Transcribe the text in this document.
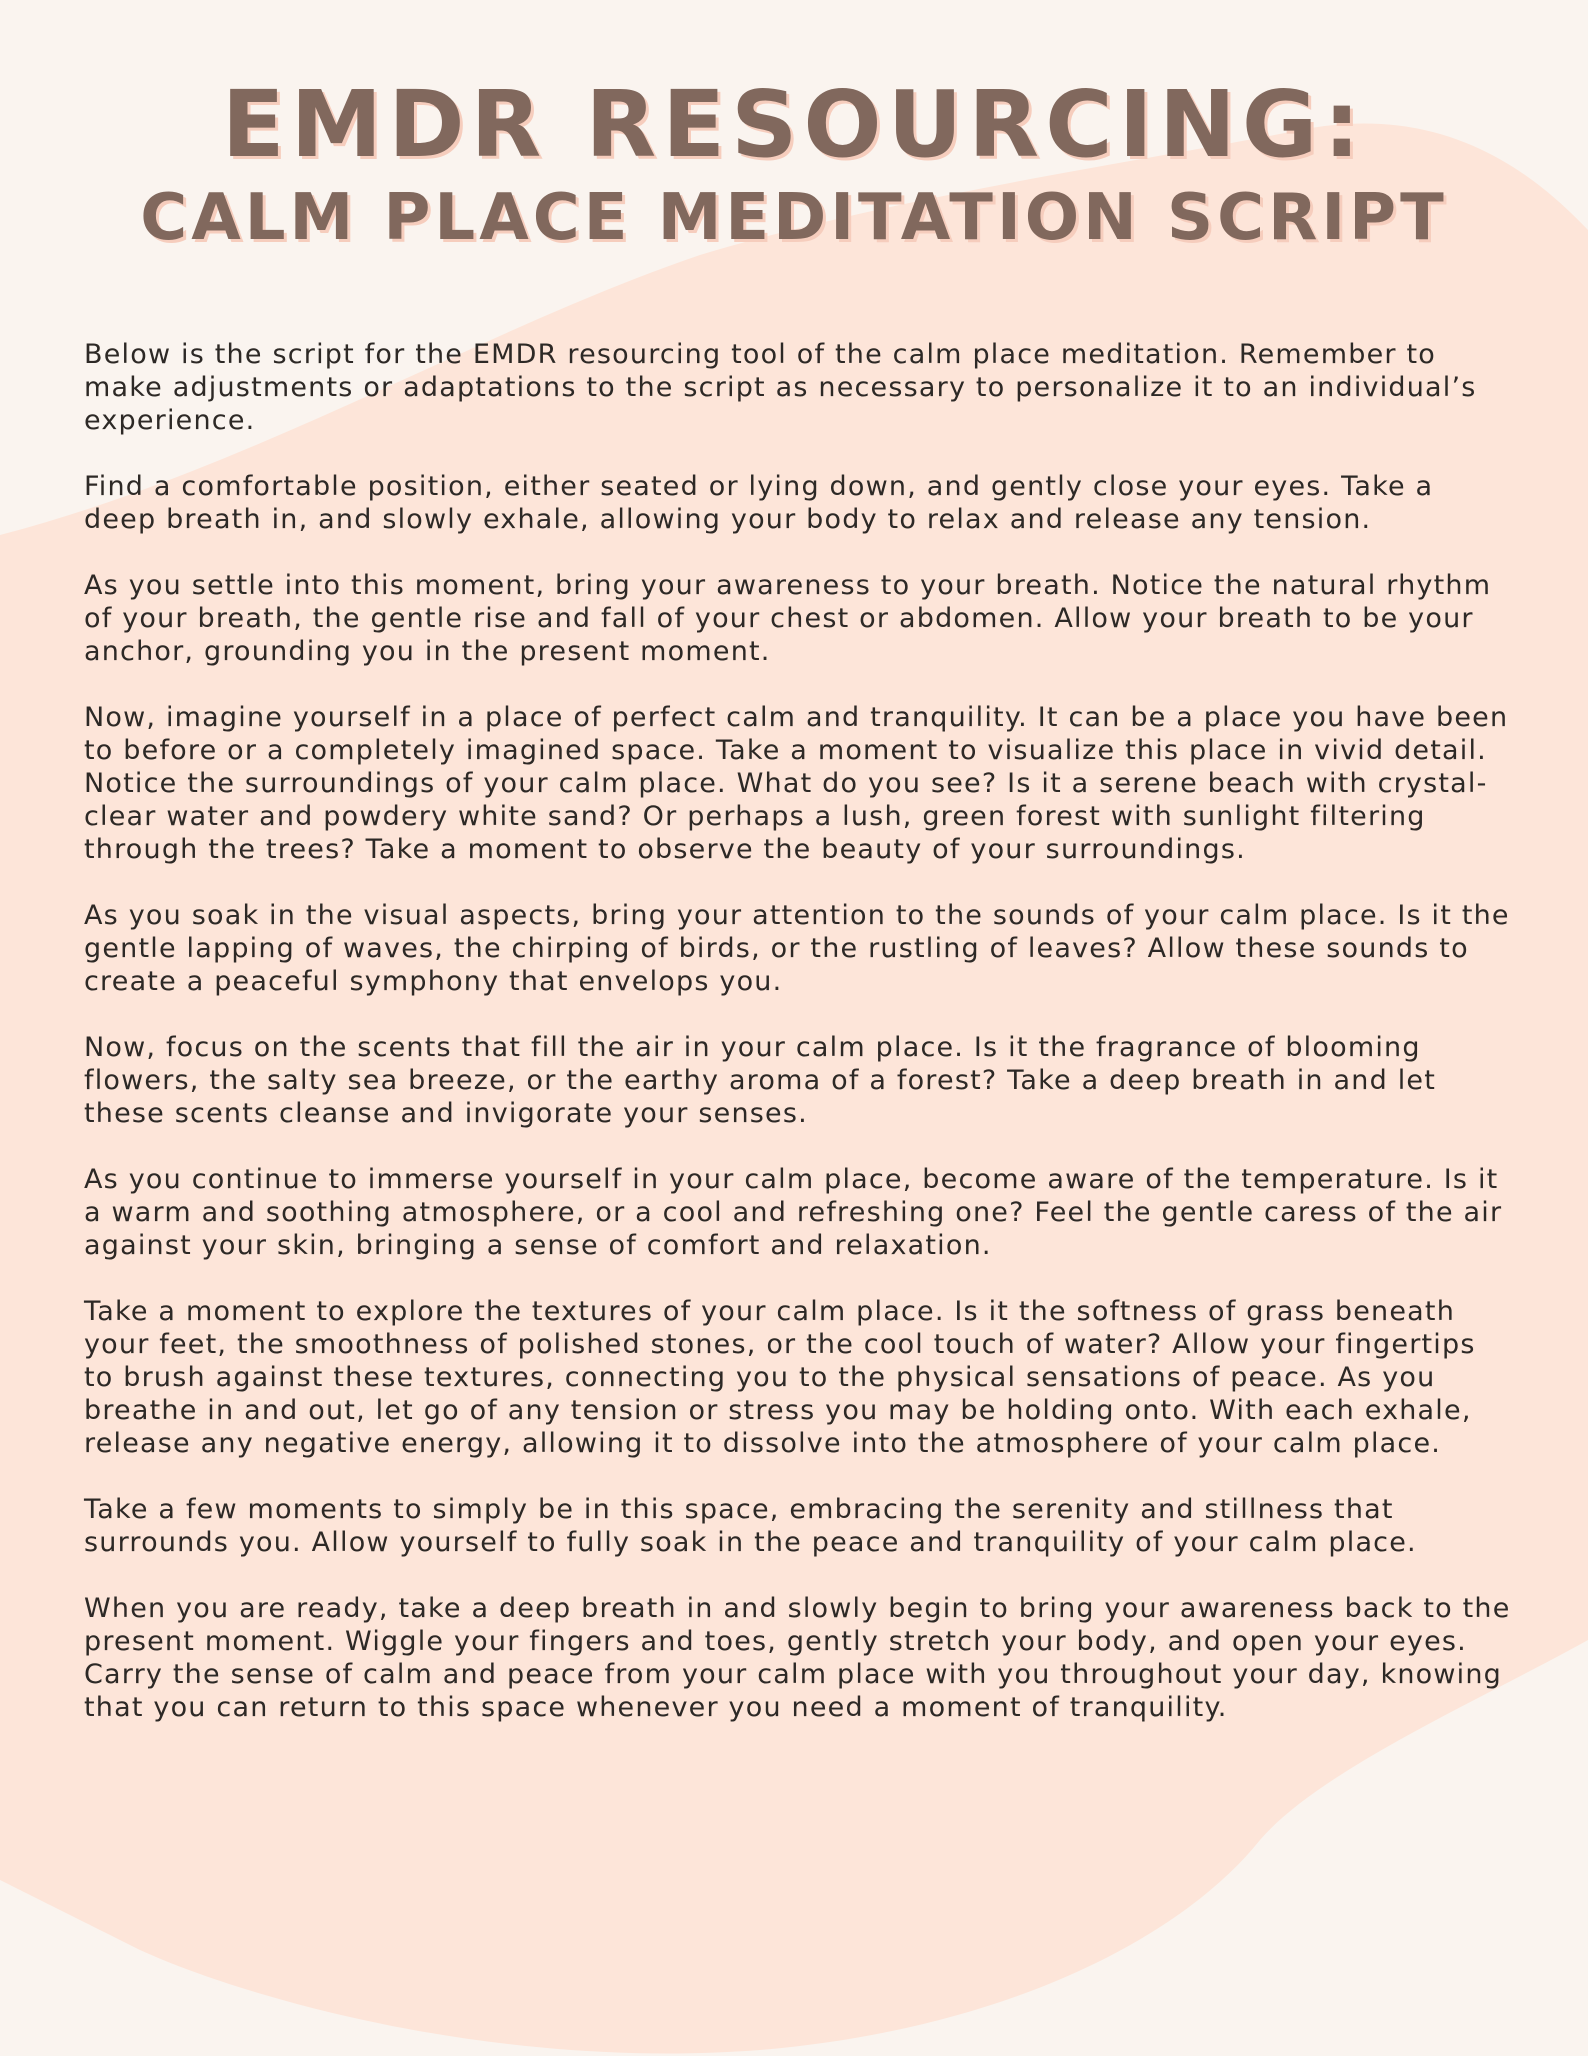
EMDR RESOURCING:
CALM PLACE MEDITATION SCRIPT

Below is the script for the EMDR resourcing tool of the calm place meditation. Remember to make adjustments or adaptations to the script as necessary to personalize it to an individual’s experience.

Find a comfortable position, either seated or lying down, and gently close your eyes. Take a deep breath in, and slowly exhale, allowing your body to relax and release any tension.

As you settle into this moment, bring your awareness to your breath. Notice the natural rhythm of your breath, the gentle rise and fall of your chest or abdomen. Allow your breath to be your anchor, grounding you in the present moment.

Now, imagine yourself in a place of perfect calm and tranquility. It can be a place you have been to before or a completely imagined space. Take a moment to visualize this place in vivid detail. Notice the surroundings of your calm place. What do you see? Is it a serene beach with crystal-clear water and powdery white sand? Or perhaps a lush, green forest with sunlight filtering through the trees? Take a moment to observe the beauty of your surroundings.

As you soak in the visual aspects, bring your attention to the sounds of your calm place. Is it the gentle lapping of waves, the chirping of birds, or the rustling of leaves? Allow these sounds to create a peaceful symphony that envelops you.

Now, focus on the scents that fill the air in your calm place. Is it the fragrance of blooming flowers, the salty sea breeze, or the earthy aroma of a forest? Take a deep breath in and let these scents cleanse and invigorate your senses.

As you continue to immerse yourself in your calm place, become aware of the temperature. Is it a warm and soothing atmosphere, or a cool and refreshing one? Feel the gentle caress of the air against your skin, bringing a sense of comfort and relaxation.

Take a moment to explore the textures of your calm place. Is it the softness of grass beneath your feet, the smoothness of polished stones, or the cool touch of water? Allow your fingertips to brush against these textures, connecting you to the physical sensations of peace. As you breathe in and out, let go of any tension or stress you may be holding onto. With each exhale, release any negative energy, allowing it to dissolve into the atmosphere of your calm place.

Take a few moments to simply be in this space, embracing the serenity and stillness that surrounds you. Allow yourself to fully soak in the peace and tranquility of your calm place.

When you are ready, take a deep breath in and slowly begin to bring your awareness back to the present moment. Wiggle your fingers and toes, gently stretch your body, and open your eyes. Carry the sense of calm and peace from your calm place with you throughout your day, knowing that you can return to this space whenever you need a moment of tranquility.
